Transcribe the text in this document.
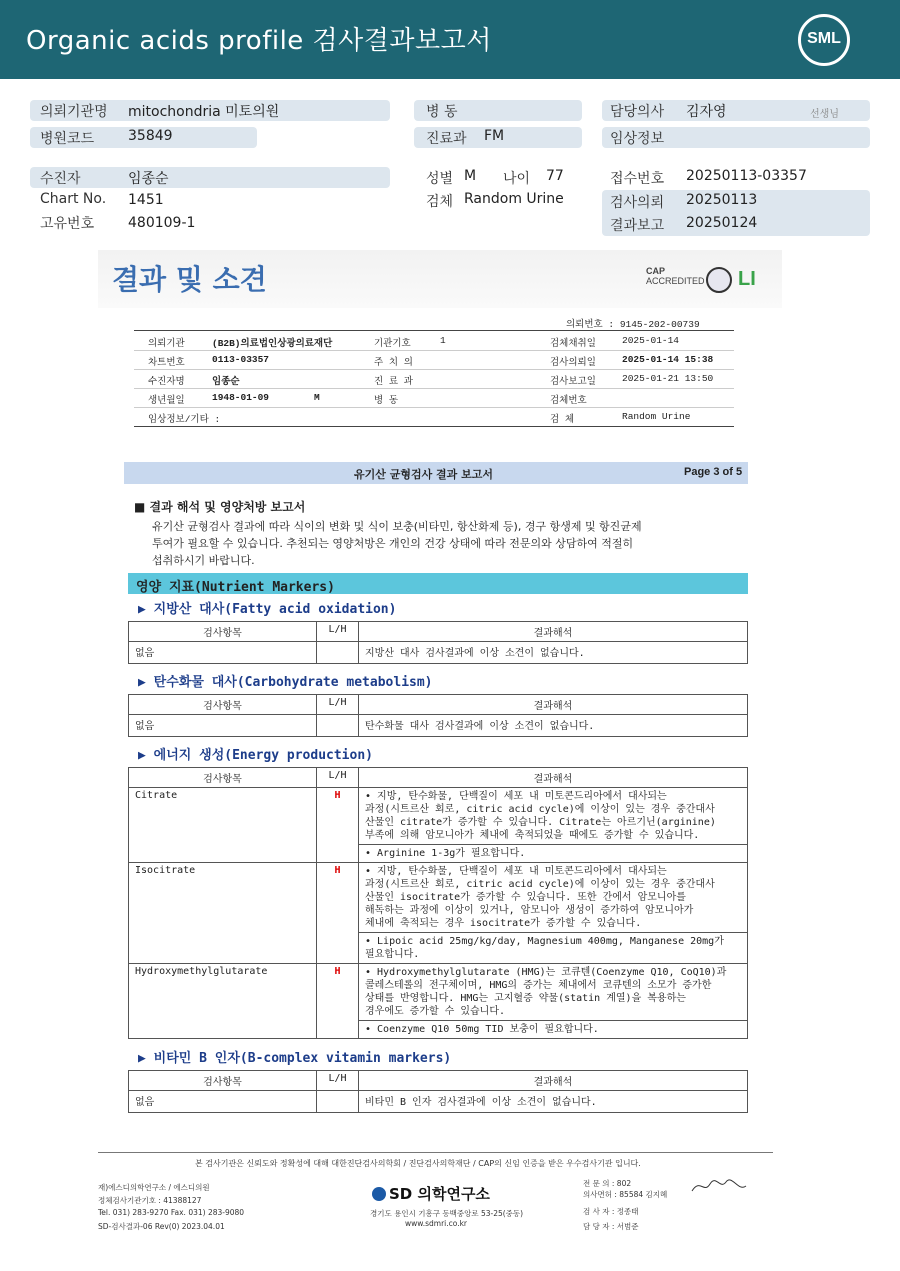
Organic acids profile 검사결과보고서	SML
의뢰기관명 mitochondria 미토의원
병원코드 35849
병 동
진료과 FM
담당의사 김자영	선생님
임상정보
수진자	임종순
Chart No. 1451
고유번호 480109-1
성별 M 나이 77
검체 Random Urine
접수번호 20250113-03357
검사의뢰 20250113
결과보고 20250124
결과 및 소견	CAP
ACCREDITED LI
의뢰번호 : 9145-202-00739
의뢰기관	(B2B)의료법인상광의료재단	기관기호	1	검체채취일	2025-01-14
차트번호	0113-03357	주 치 의	검사의뢰일	2025-01-14 15:38
수진자명	임종순	진 료 과	검사보고일	2025-01-21 13:50
생년월일	1948-01-09	M	병 동	검체번호
임상정보/기타 :	검 체	Random Urine
유기산 균형검사 결과 보고서	Page 3 of 5
■ 결과 해석 및 영양처방 보고서
유기산 균형검사 결과에 따라 식이의 변화 및 식이 보충(비타민, 항산화제 등), 경구 항생제 및 항진균제
투여가 필요할 수 있습니다. 추천되는 영양처방은 개인의 건강 상태에 따라 전문의와 상담하여 적절히
섭취하시기 바랍니다.
영양 지표(Nutrient Markers)
▶ 지방산 대사(Fatty acid oxidation)
검사항목	L/H	결과해석
없음		지방산 대사 검사결과에 이상 소견이 없습니다.
▶ 탄수화물 대사(Carbohydrate metabolism)
검사항목	L/H	결과해석
없음		탄수화물 대사 검사결과에 이상 소견이 없습니다.
▶ 에너지 생성(Energy production)
검사항목	L/H	결과해석
Citrate	H	• 지방, 탄수화물, 단백질이 세포 내 미토콘드리아에서 대사되는
과정(시트르산 회로, citric acid cycle)에 이상이 있는 경우 중간대사
산물인 citrate가 증가할 수 있습니다. Citrate는 아르기닌(arginine)
부족에 의해 암모니아가 체내에 축적되었을 때에도 증가할 수 있습니다.

		• Arginine 1-3g가 필요합니다.

Isocitrate	H	• 지방, 탄수화물, 단백질이 세포 내 미토콘드리아에서 대사되는
과정(시트르산 회로, citric acid cycle)에 이상이 있는 경우 중간대사
산물인 isocitrate가 증가할 수 있습니다. 또한 간에서 암모니아를
해독하는 과정에 이상이 있거나, 암모니아 생성이 증가하여 암모니아가
체내에 축적되는 경우 isocitrate가 증가할 수 있습니다.

		• Lipoic acid 25mg/kg/day, Magnesium 400mg, Manganese 20mg가
필요합니다.

Hydroxymethylglutarate	H	• Hydroxymethylglutarate (HMG)는 코큐텐(Coenzyme Q10, CoQ10)과
콜레스테롤의 전구체이며, HMG의 증가는 체내에서 코큐텐의 소모가 증가한
상태를 반영합니다. HMG는 고지혈증 약물(statin 계열)을 복용하는
경우에도 증가할 수 있습니다.

		• Coenzyme Q10 50mg TID 보충이 필요합니다.
▶ 비타민 B 인자(B-complex vitamin markers)
검사항목	L/H	결과해석
없음		비타민 B 인자 검사결과에 이상 소견이 없습니다.
본 검사기관은 신뢰도와 정확성에 대해 대한진단검사의학회 / 진단검사의학재단 / CAP의 신임 인증을 받은 우수검사기관 입니다.
재)에스디의학연구소 / 에스디의원
정체검사기관기호 : 41388127
Tel. 031) 283-9270 Fax. 031) 283-9080
SD-검사결과-06 Rev(0) 2023.04.01
SD 의학연구소
경기도 용인시 기흥구 동백중앙로 53-25(중동)
www.sdmri.co.kr
전 문 의 : 802
의사면허 : 85584 김지혜
검 사 자 : 정종태
담 당 자 : 서범준
